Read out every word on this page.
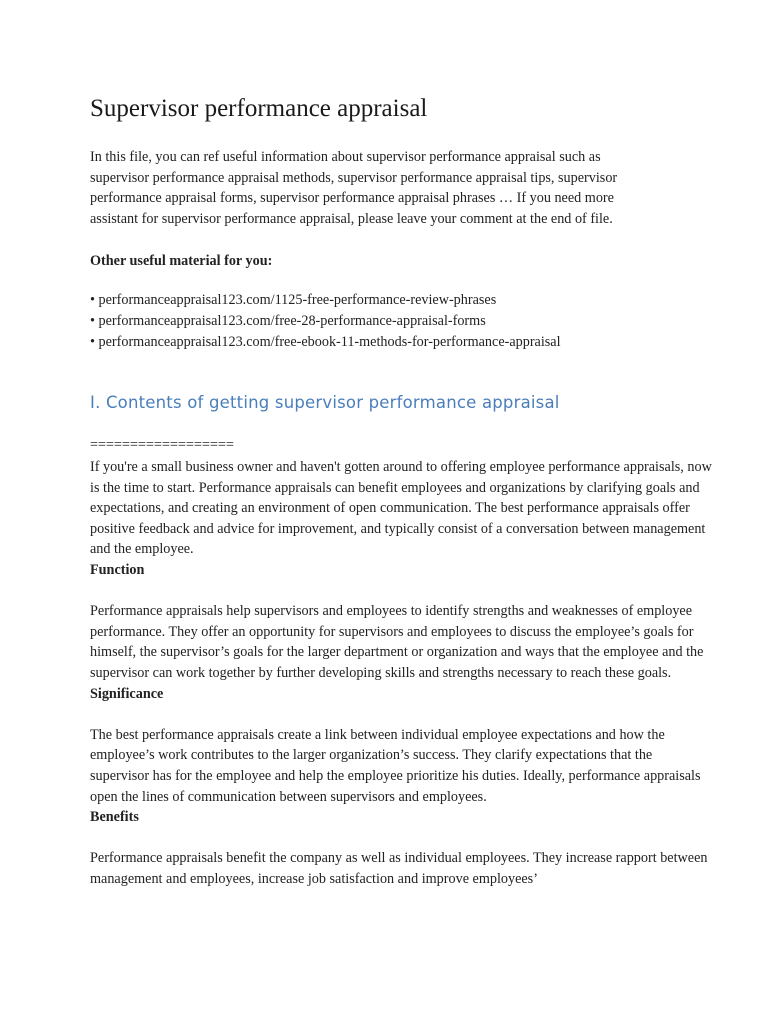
Supervisor performance appraisal

In this file, you can ref useful information about supervisor performance appraisal such as supervisor performance appraisal methods, supervisor performance appraisal tips, supervisor performance appraisal forms, supervisor performance appraisal phrases … If you need more assistant for supervisor performance appraisal, please leave your comment at the end of file.

Other useful material for you:

• performanceappraisal123.com/1125-free-performance-review-phrases
• performanceappraisal123.com/free-28-performance-appraisal-forms
• performanceappraisal123.com/free-ebook-11-methods-for-performance-appraisal
I. Contents of getting supervisor performance appraisal
==================

If you're a small business owner and haven't gotten around to offering employee performance appraisals, now is the time to start. Performance appraisals can benefit employees and organizations by clarifying goals and expectations, and creating an environment of open communication. The best performance appraisals offer positive feedback and advice for improvement, and typically consist of a conversation between management and the employee.

Function

Performance appraisals help supervisors and employees to identify strengths and weaknesses of employee performance. They offer an opportunity for supervisors and employees to discuss the employee’s goals for himself, the supervisor’s goals for the larger department or organization and ways that the employee and the supervisor can work together by further developing skills and strengths necessary to reach these goals.

Significance

The best performance appraisals create a link between individual employee expectations and how the employee’s work contributes to the larger organization’s success. They clarify expectations that the supervisor has for the employee and help the employee prioritize his duties. Ideally, performance appraisals open the lines of communication between supervisors and employees.

Benefits

Performance appraisals benefit the company as well as individual employees. They increase rapport between management and employees, increase job satisfaction and improve employees’
